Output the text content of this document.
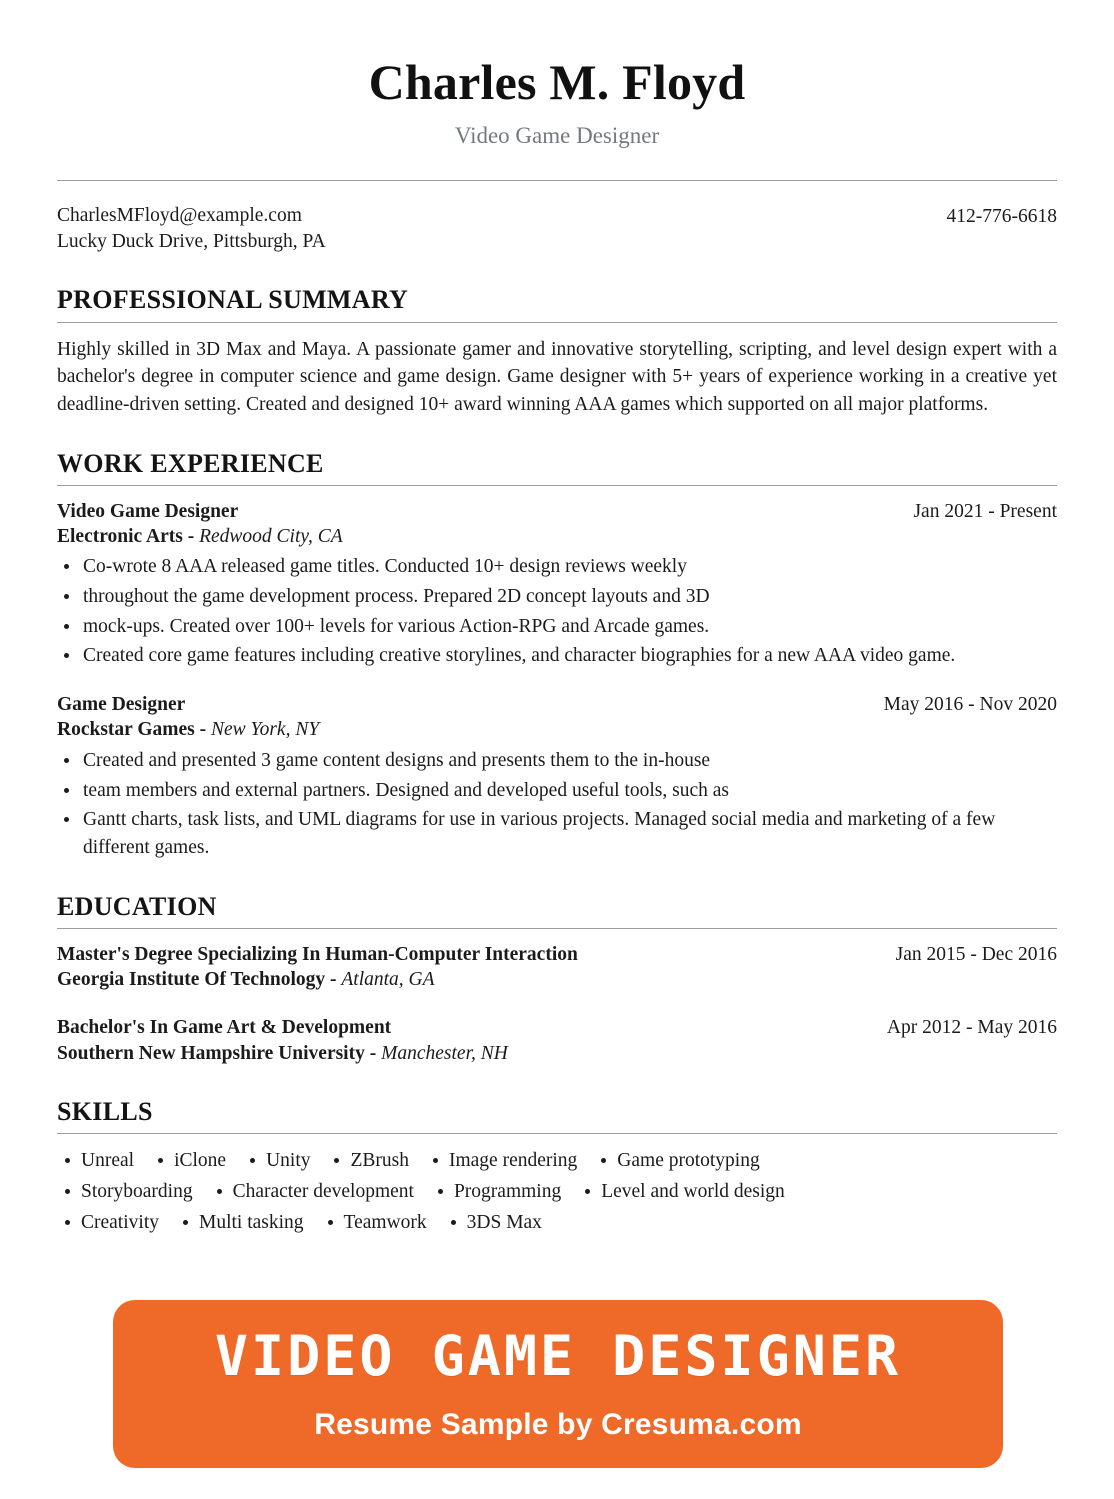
Charles M. Floyd
Video Game Designer
CharlesMFloyd@example.com
Lucky Duck Drive, Pittsburgh, PA
412-776-6618
PROFESSIONAL SUMMARY

Highly skilled in 3D Max and Maya. A passionate gamer and innovative storytelling, scripting, and level design expert with a bachelor's degree in computer science and game design. Game designer with 5+ years of experience working in a creative yet deadline-driven setting. Created and designed 10+ award winning AAA games which supported on all major platforms.

WORK EXPERIENCE
Video Game Designer	Jan 2021 - Present
Electronic Arts - Redwood City, CA
Co-wrote 8 AAA released game titles. Conducted 10+ design reviews weekly
throughout the game development process. Prepared 2D concept layouts and 3D
mock-ups. Created over 100+ levels for various Action-RPG and Arcade games.
Created core game features including creative storylines, and character biographies for a new AAA video game.
Game Designer	May 2016 - Nov 2020
Rockstar Games - New York, NY
Created and presented 3 game content designs and presents them to the in-house
team members and external partners. Designed and developed useful tools, such as
Gantt charts, task lists, and UML diagrams for use in various projects. Managed social media and marketing of a few different games.
EDUCATION
Master's Degree Specializing In Human-Computer Interaction	Jan 2015 - Dec 2016
Georgia Institute Of Technology - Atlanta, GA
Bachelor's In Game Art & Development	Apr 2012 - May 2016
Southern New Hampshire University - Manchester, NH
SKILLS
Unreal	iClone	Unity	ZBrush	Image rendering	Game prototyping
Storyboarding	Character development	Programming	Level and world design
Creativity	Multi tasking	Teamwork	3DS Max
VIDEO GAME DESIGNER
Resume Sample by Cresuma.com
